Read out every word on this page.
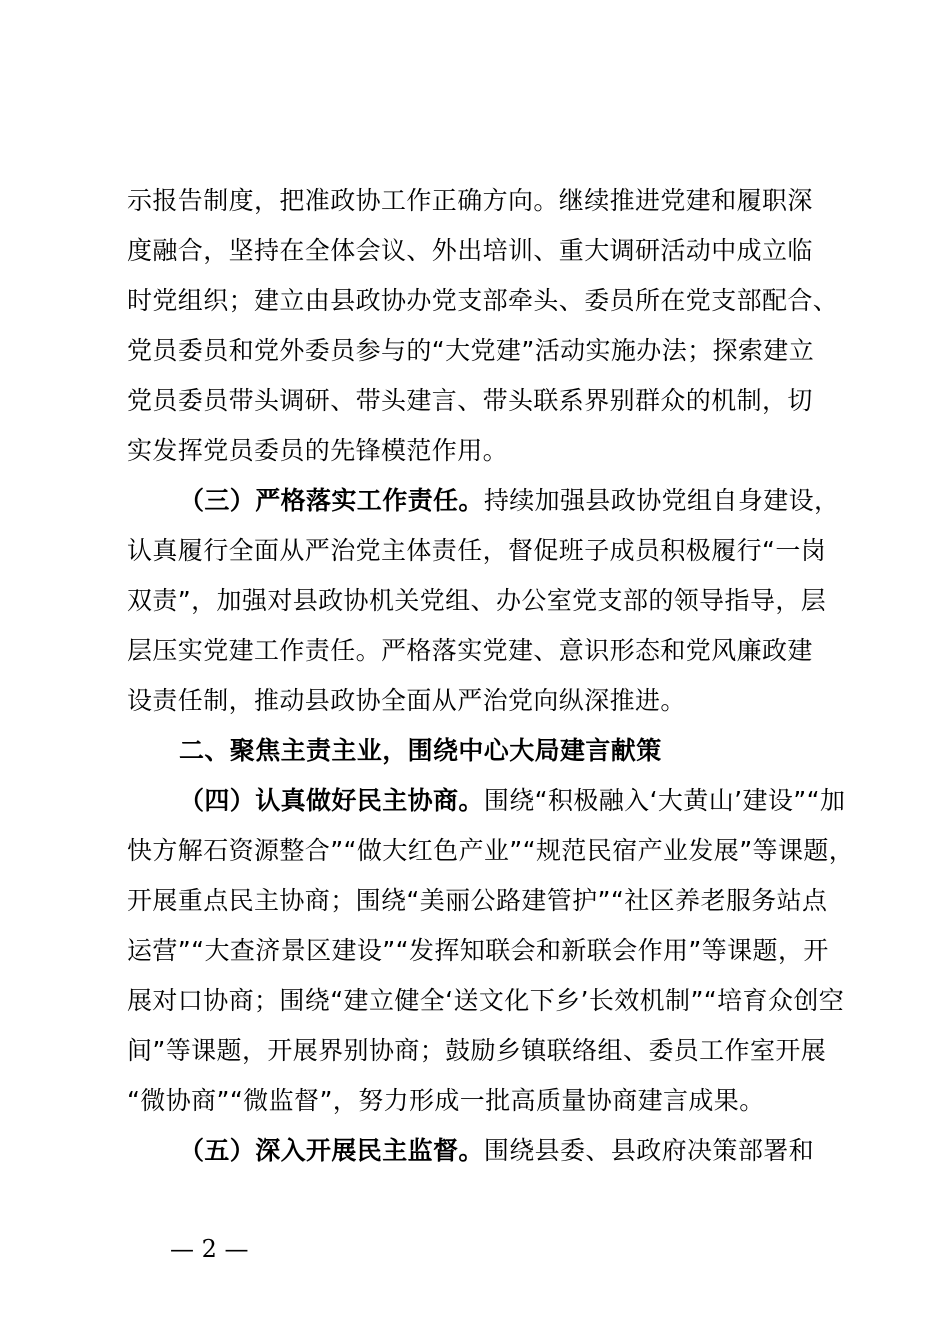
示报告制度，把准政协工作正确方向。继续推进党建和履职深
度融合，坚持在全体会议、外出培训、重大调研活动中成立临
时党组织；建立由县政协办党支部牵头、委员所在党支部配合、
党员委员和党外委员参与的“大党建”活动实施办法；探索建立
党员委员带头调研、带头建言、带头联系界别群众的机制，切
实发挥党员委员的先锋模范作用。
（三）严格落实工作责任。持续加强县政协党组自身建设，
认真履行全面从严治党主体责任，督促班子成员积极履行“一岗
双责”，加强对县政协机关党组、办公室党支部的领导指导，层
层压实党建工作责任。严格落实党建、意识形态和党风廉政建
设责任制，推动县政协全面从严治党向纵深推进。
二、聚焦主责主业，围绕中心大局建言献策
（四）认真做好民主协商。围绕“积极融入‘大黄山’建设”“加
快方解石资源整合”“做大红色产业”“规范民宿产业发展”等课题，
开展重点民主协商；围绕“美丽公路建管护”“社区养老服务站点
运营”“大查济景区建设”“发挥知联会和新联会作用”等课题，开
展对口协商；围绕“建立健全‘送文化下乡’长效机制”“培育众创空
间”等课题，开展界别协商；鼓励乡镇联络组、委员工作室开展
“微协商”“微监督”，努力形成一批高质量协商建言成果。
（五）深入开展民主监督。围绕县委、县政府决策部署和
— 2 —
